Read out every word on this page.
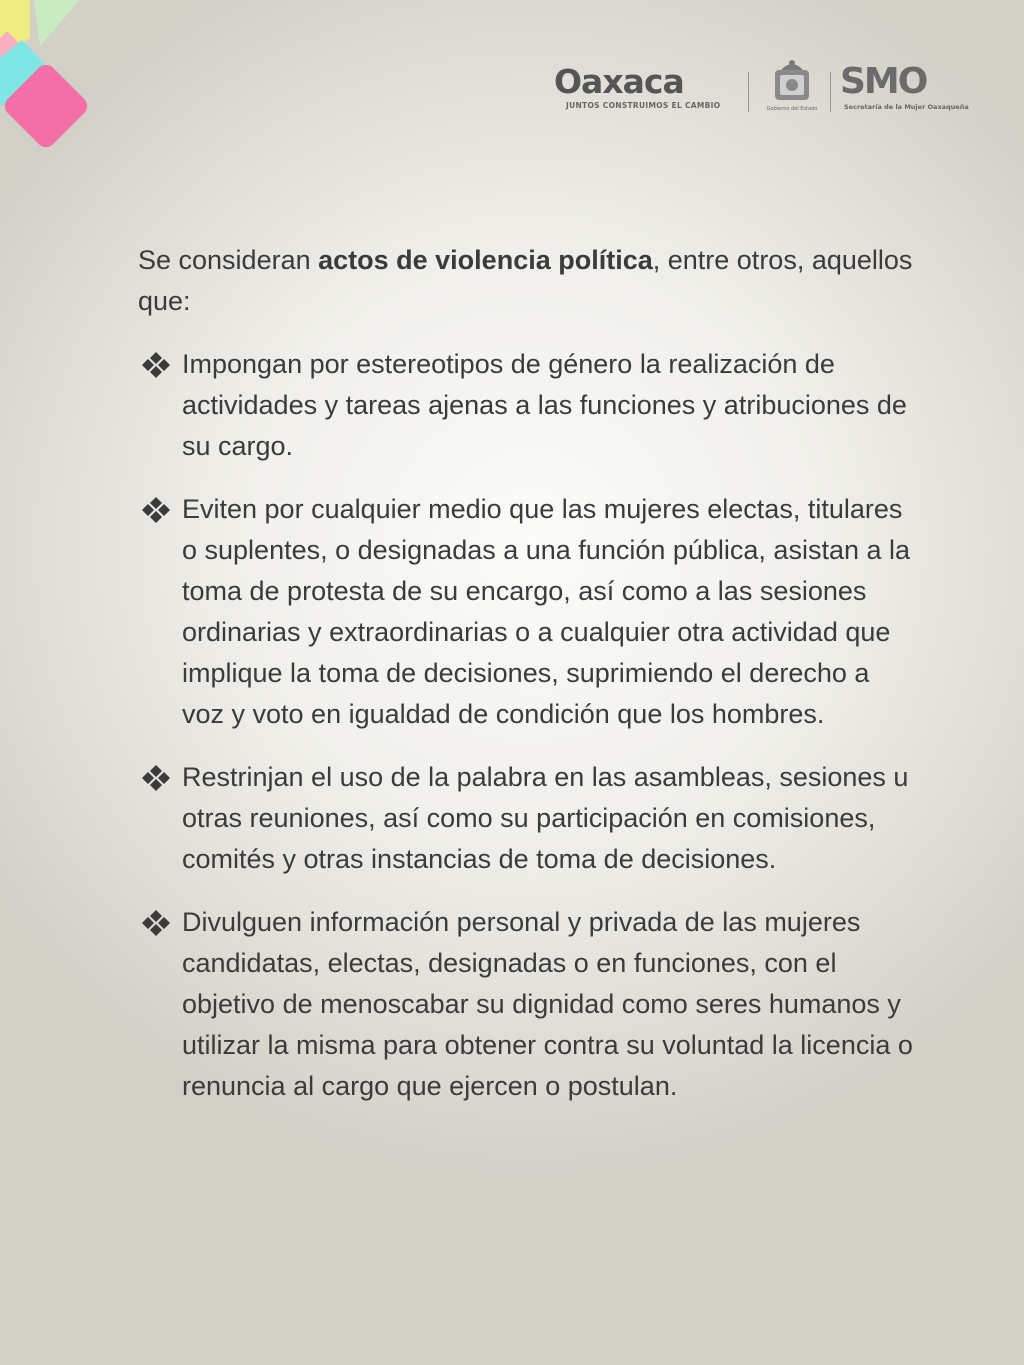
Oaxaca
JUNTOS CONSTRUIMOS EL CAMBIO	Gobierno del Estado
SMO
Secretaría de la Mujer Oaxaqueña

Se consideran actos de violencia política, entre otros, aquellos que:

Impongan por estereotipos de género la realización de actividades y tareas ajenas a las funciones y atribuciones de su cargo.
Eviten por cualquier medio que las mujeres electas, titulares o suplentes, o designadas a una función pública, asistan a la toma de protesta de su encargo, así como a las sesiones ordinarias y extraordinarias o a cualquier otra actividad que implique la toma de decisiones, suprimiendo el derecho a voz y voto en igualdad de condición que los hombres.
Restrinjan el uso de la palabra en las asambleas, sesiones u otras reuniones, así como su participación en comisiones, comités y otras instancias de toma de decisiones.
Divulguen información personal y privada de las mujeres candidatas, electas, designadas o en funciones, con el objetivo de menoscabar su dignidad como seres humanos y utilizar la misma para obtener contra su voluntad la licencia o renuncia al cargo que ejercen o postulan.
